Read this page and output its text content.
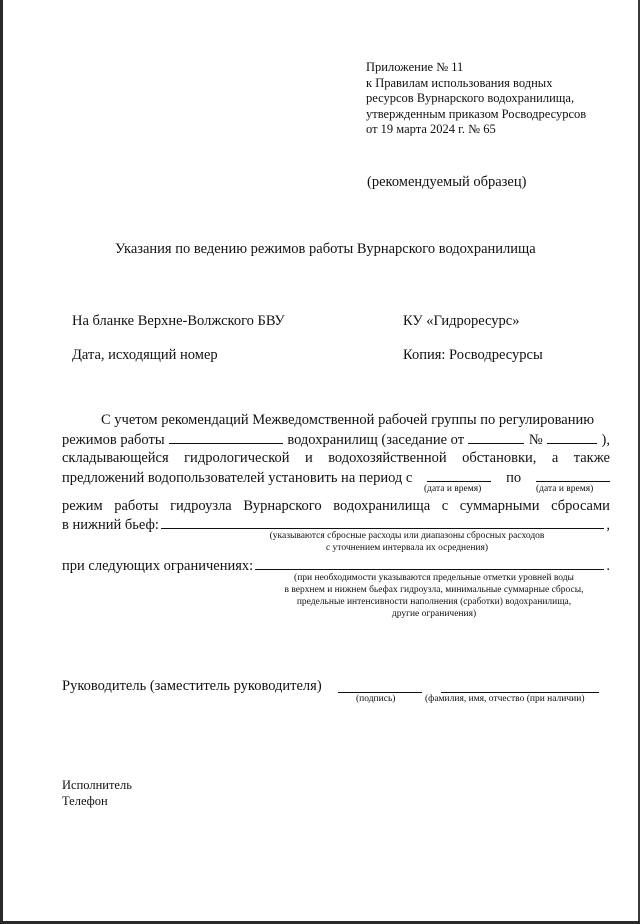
Приложение № 11
к Правилам использования водных
ресурсов Вурнарского водохранилища,
утвержденным приказом Росводресурсов
от 19 марта 2024 г. № 65
(рекомендуемый образец)
Указания по ведению режимов работы Вурнарского водохранилища
На бланке Верхне-Волжского БВУ
Дата, исходящий номер
КУ «Гидроресурс»
Копия: Росводресурсы
С учетом рекомендаций Межведомственной рабочей группы по регулированию
режимов работы	водохранилищ (заседание от	№	),
складывающейся гидрологической и водохозяйственной обстановки, а также
предложений водопользователей установить на период с	по
(дата и время)	(дата и время)
режим работы гидроузла Вурнарского водохранилища с суммарными сбросами
в нижний бьеф:	,
(указываются сбросные расходы или диапазоны сбросных расходов
с уточнением интервала их осреднения)
при следующих ограничениях:	.
(при необходимости указываются предельные отметки уровней воды
в верхнем и нижнем бьефах гидроузла, минимальные суммарные сбросы,
предельные интенсивности наполнения (сработки) водохранилища,
другие ограничения)
Руководитель (заместитель руководителя)
(подпись)	(фамилия, имя, отчество (при наличии)
Исполнитель
Телефон
